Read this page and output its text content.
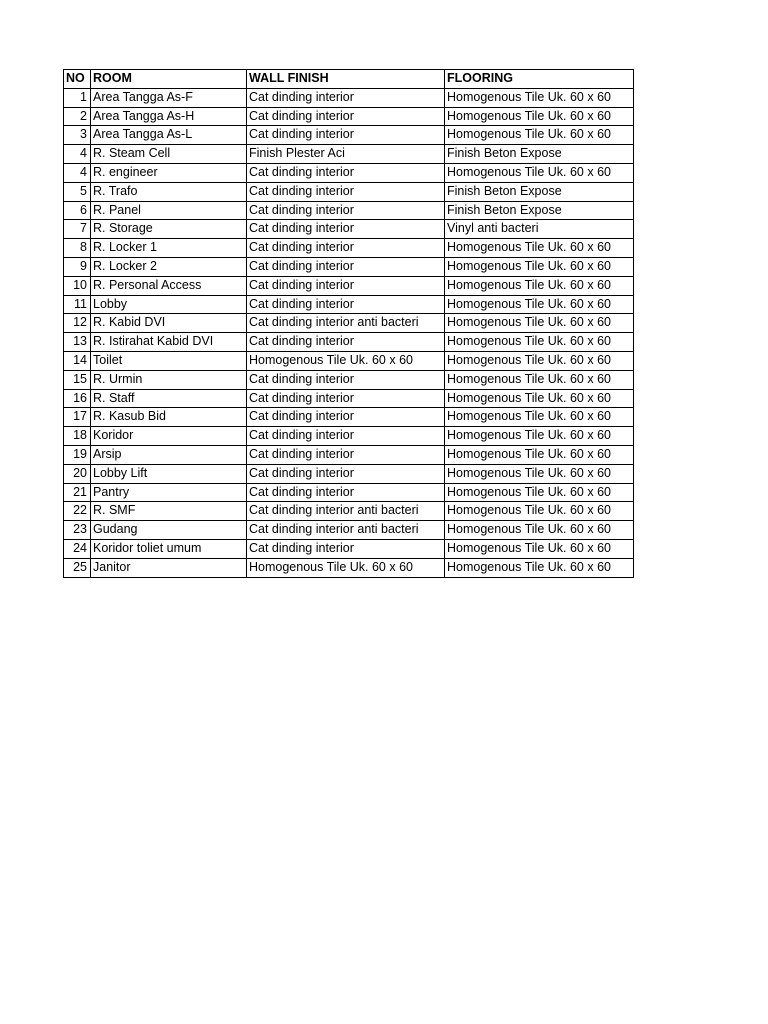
NO	ROOM	WALL FINISH	FLOORING
1	Area Tangga As-F	Cat dinding interior	Homogenous Tile Uk. 60 x 60
2	Area Tangga As-H	Cat dinding interior	Homogenous Tile Uk. 60 x 60
3	Area Tangga As-L	Cat dinding interior	Homogenous Tile Uk. 60 x 60
4	R. Steam Cell	Finish Plester Aci	Finish Beton Expose
4	R. engineer	Cat dinding interior	Homogenous Tile Uk. 60 x 60
5	R. Trafo	Cat dinding interior	Finish Beton Expose
6	R. Panel	Cat dinding interior	Finish Beton Expose
7	R. Storage	Cat dinding interior	Vinyl anti bacteri
8	R. Locker 1	Cat dinding interior	Homogenous Tile Uk. 60 x 60
9	R. Locker 2	Cat dinding interior	Homogenous Tile Uk. 60 x 60
10	R. Personal Access	Cat dinding interior	Homogenous Tile Uk. 60 x 60
11	Lobby	Cat dinding interior	Homogenous Tile Uk. 60 x 60
12	R. Kabid DVI	Cat dinding interior anti bacteri	Homogenous Tile Uk. 60 x 60
13	R. Istirahat Kabid DVI	Cat dinding interior	Homogenous Tile Uk. 60 x 60
14	Toilet	Homogenous Tile Uk. 60 x 60	Homogenous Tile Uk. 60 x 60
15	R. Urmin	Cat dinding interior	Homogenous Tile Uk. 60 x 60
16	R. Staff	Cat dinding interior	Homogenous Tile Uk. 60 x 60
17	R. Kasub Bid	Cat dinding interior	Homogenous Tile Uk. 60 x 60
18	Koridor	Cat dinding interior	Homogenous Tile Uk. 60 x 60
19	Arsip	Cat dinding interior	Homogenous Tile Uk. 60 x 60
20	Lobby Lift	Cat dinding interior	Homogenous Tile Uk. 60 x 60
21	Pantry	Cat dinding interior	Homogenous Tile Uk. 60 x 60
22	R. SMF	Cat dinding interior anti bacteri	Homogenous Tile Uk. 60 x 60
23	Gudang	Cat dinding interior anti bacteri	Homogenous Tile Uk. 60 x 60
24	Koridor toliet umum	Cat dinding interior	Homogenous Tile Uk. 60 x 60
25	Janitor	Homogenous Tile Uk. 60 x 60	Homogenous Tile Uk. 60 x 60
